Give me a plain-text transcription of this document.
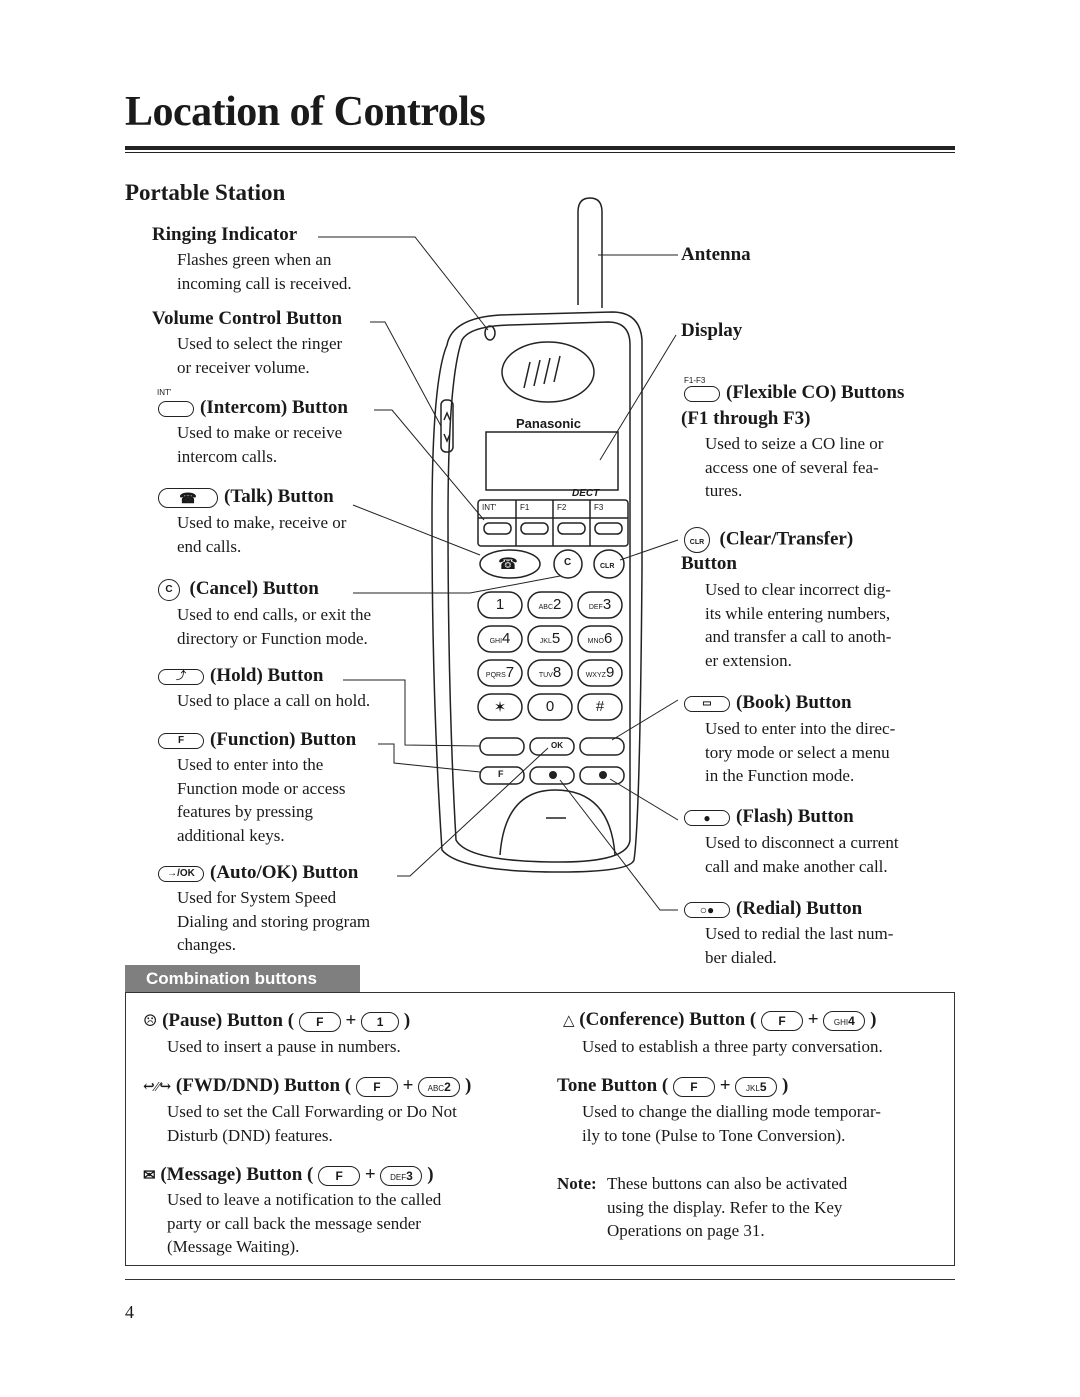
Location of Controls
Portable Station
Panasonic
DECT
INT'	F1	F2	F3
☎	C	CLR
OK
F
Ringing Indicator
Flashes green when an
incoming call is received.
Volume Control Button
Used to select the ringer
or receiver volume.
INT'
(Intercom) Button
Used to make or receive
intercom calls.
☎ (Talk) Button
Used to make, receive or
end calls.
C (Cancel) Button
Used to end calls, or exit the
directory or Function mode.
⤴ (Hold) Button
Used to place a call on hold.
F (Function) Button
Used to enter into the
Function mode or access
features by pressing
additional keys.
→/OK (Auto/OK) Button
Used for System Speed
Dialing and storing program
changes.
Antenna
Display
F1-F3
(Flexible CO) Buttons
(F1 through F3)
Used to seize a CO line or
access one of several fea-
tures.
CLR (Clear/Transfer)
Button
Used to clear incorrect dig-
its while entering numbers,
and transfer a call to anoth-
er extension.
▭ (Book) Button
Used to enter into the direc-
tory mode or select a menu
in the Function mode.
● (Flash) Button
Used to disconnect a current
call and make another call.
○● (Redial) Button
Used to redial the last num-
ber dialed.
Combination buttons
☹ (Pause) Button ( F + 1 )
Used to insert a pause in numbers.
↩⁄⁄↪ (FWD/DND) Button ( F + ABC2 )
Used to set the Call Forwarding or Do Not
Disturb (DND) features.
✉ (Message) Button ( F + DEF3 )
Used to leave a notification to the called
party or call back the message sender
(Message Waiting).
△ (Conference) Button ( F + GHI4 )
Used to establish a three party conversation.
Tone Button ( F + JKL5 )
Used to change the dialling mode temporar-
ily to tone (Pulse to Tone Conversion).
Note: These buttons can also be activated
using the display. Refer to the Key
Operations on page 31.
4
1	ABC2	DEF3
GHI4	JKL5	MNO6
PQRS7	TUV8	WXYZ9
✶	0	#
